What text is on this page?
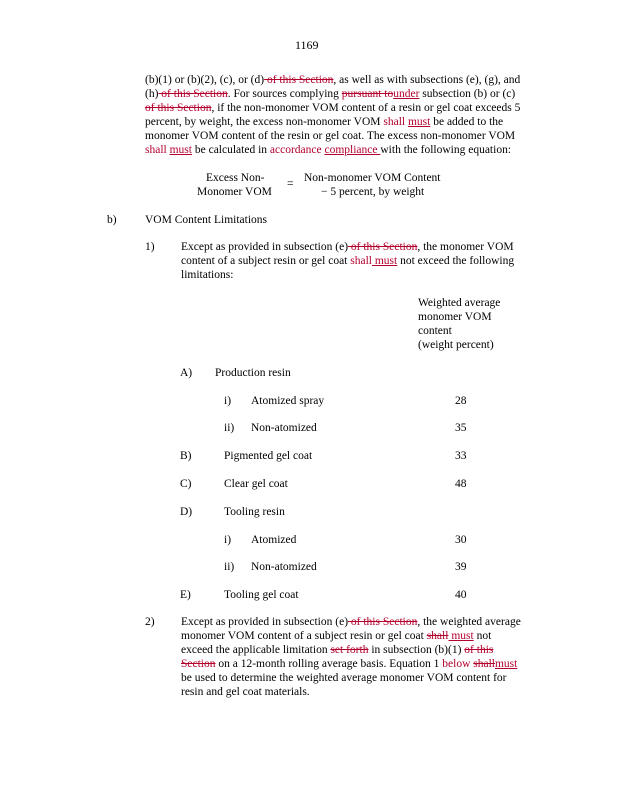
1169
(b)(1) or (b)(2), (c), or (d) of this Section, as well as with subsections (e), (g), and
(h) of this Section. For sources complying pursuant tounder subsection (b) or (c)
of this Section, if the non-monomer VOM content of a resin or gel coat exceeds 5
percent, by weight, the excess non-monomer VOM shall must be added to the
monomer VOM content of the resin or gel coat. The excess non-monomer VOM
shall must be calculated in accordance compliance with the following equation:
Excess Non-
Monomer VOM
= Non-monomer VOM Content
− 5 percent, by weight
b) VOM Content Limitations
1) Except as provided in subsection (e) of this Section, the monomer VOM
content of a subject resin or gel coat shall must not exceed the following
limitations:
Weighted average
monomer VOM
content
(weight percent)
A) Production resin
i) Atomized spray	28
ii) Non-atomized	35
B)	Pigmented gel coat	33
C)	Clear gel coat	48
D)	Tooling resin
i) Atomized	30
ii) Non-atomized	39
E)	Tooling gel coat	40
2) Except as provided in subsection (e) of this Section, the weighted average
monomer VOM content of a subject resin or gel coat shall must not
exceed the applicable limitation set forth in subsection (b)(1) of this
Section on a 12-month rolling average basis. Equation 1 below shallmust
be used to determine the weighted average monomer VOM content for
resin and gel coat materials.
